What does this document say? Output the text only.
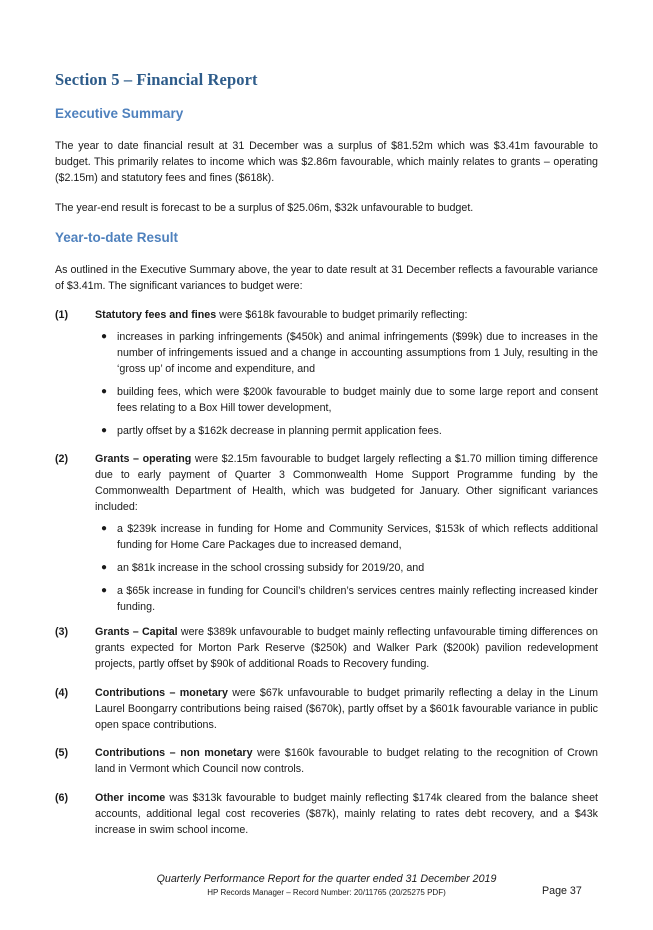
Section 5 – Financial Report
Executive Summary

The year to date financial result at 31 December was a surplus of $81.52m which was $3.41m favourable to budget. This primarily relates to income which was $2.86m favourable, which mainly relates to grants – operating ($2.15m) and statutory fees and fines ($618k).

The year-end result is forecast to be a surplus of $25.06m, $32k unfavourable to budget.

Year-to-date Result

As outlined in the Executive Summary above, the year to date result at 31 December reflects a favourable variance of $3.41m. The significant variances to budget were:

(1)	Statutory fees and fines were $618k favourable to budget primarily reflecting:
● increases in parking infringements ($450k) and animal infringements ($99k) due to increases in the number of infringements issued and a change in accounting assumptions from 1 July, resulting in the ‘gross up’ of income and expenditure, and
● building fees, which were $200k favourable to budget mainly due to some large report and consent fees relating to a Box Hill tower development,
● partly offset by a $162k decrease in planning permit application fees.
(2)	Grants – operating were $2.15m favourable to budget largely reflecting a $1.70 million timing difference due to early payment of Quarter 3 Commonwealth Home Support Programme funding by the Commonwealth Department of Health, which was budgeted for January. Other significant variances included:
● a $239k increase in funding for Home and Community Services, $153k of which reflects additional funding for Home Care Packages due to increased demand,
● an $81k increase in the school crossing subsidy for 2019/20, and
● a $65k increase in funding for Council’s children’s services centres mainly reflecting increased kinder funding.
(3)	Grants – Capital were $389k unfavourable to budget mainly reflecting unfavourable timing differences on grants expected for Morton Park Reserve ($250k) and Walker Park ($200k) pavilion redevelopment projects, partly offset by $90k of additional Roads to Recovery funding.
(4)	Contributions – monetary were $67k unfavourable to budget primarily reflecting a delay in the Linum Laurel Boongarry contributions being raised ($670k), partly offset by a $601k favourable variance in public open space contributions.
(5)	Contributions – non monetary were $160k favourable to budget relating to the recognition of Crown land in Vermont which Council now controls.
(6)	Other income was $313k favourable to budget mainly reflecting $174k cleared from the balance sheet accounts, additional legal cost recoveries ($87k), mainly relating to rates debt recovery, and a $43k increase in swim school income.
Quarterly Performance Report for the quarter ended 31 December 2019
HP Records Manager – Record Number: 20/11765 (20/25275 PDF)	Page 37
